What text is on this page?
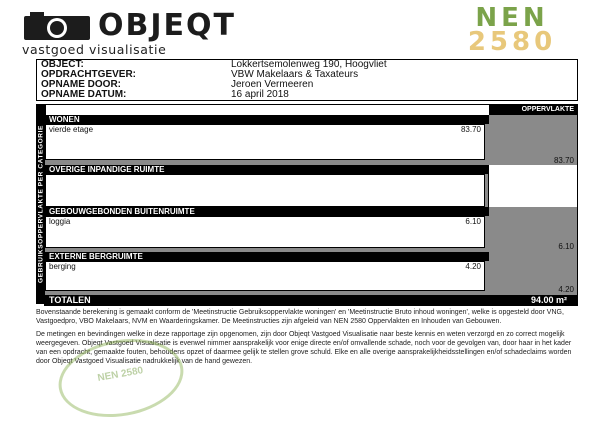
OBJEQT
vastgoed visualisatie
NEN
2580
OBJECT:	Lokkertsemolenweg 190, Hoogvliet
OPDRACHTGEVER:	VBW Makelaars & Taxateurs
OPNAME DOOR:	Jeroen Vermeeren
OPNAME DATUM:	16 april 2018
GEBRUIKSOPPERVLAKTE PER CATEGORIE
OPPERVLAKTE
WONEN
vierde etage	83.70
83.70
OVERIGE INPANDIGE RUIMTE
GEBOUWGEBONDEN BUITENRUIMTE
loggia	6.10
6.10
EXTERNE BERGRUIMTE
berging	4.20
4.20
TOTALEN	94.00 m²

Bovenstaande berekening is gemaakt conform de 'Meetinstructie Gebruiksoppervlakte woningen' en 'Meetinstructie Bruto inhoud woningen', welke is opgesteld door VNG, Vastgoedpro, VBO Makelaars, NVM en Waarderingskamer. De Meetinstructies zijn afgeleid van NEN 2580 Oppervlakten en Inhouden van Gebouwen.

De metingen en bevindingen welke in deze rapportage zijn opgenomen, zijn door Objeqt Vastgoed Visualisatie naar beste kennis en weten verzorgd en zo correct mogelijk weergegeven. Objeqt Vastgoed Visualisatie is evenwel nimmer aansprakelijk voor enige directe en/of omvallende schade, noch voor de gevolgen van, door haar in het kader van een opdracht, gemaakte fouten, behoudens opzet of daarmee gelijk te stellen grove schuld. Elke en alle overige aansprakelijkheidsstellingen en/of schadeclaims worden door Objeqt Vastgoed Visualisatie nadrukkelijk van de hand gewezen.

NEN 2580
